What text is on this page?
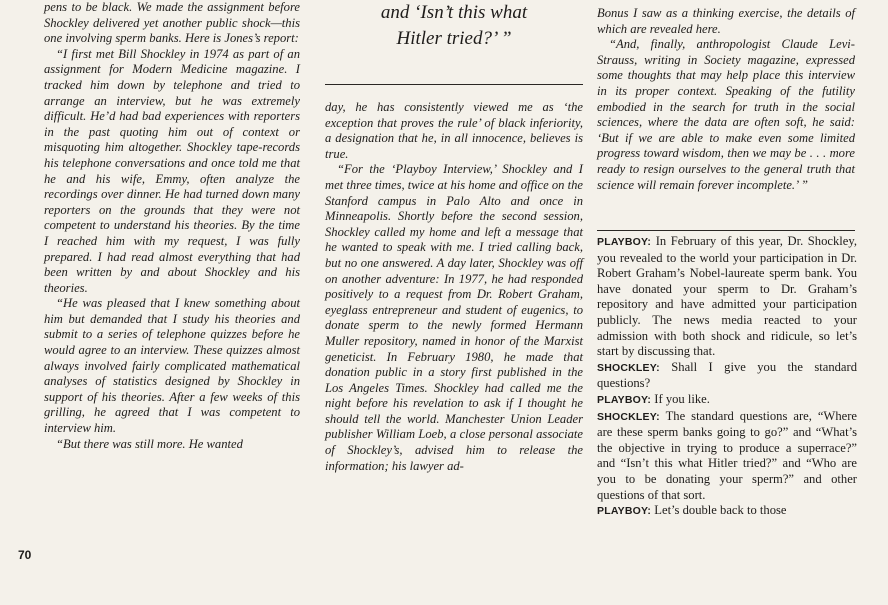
pens to be black. We made the assignment before Shockley delivered yet another public shock—this one involving sperm banks. Here is Jones’s report:

“I first met Bill Shockley in 1974 as part of an assignment for Modern Medicine magazine. I tracked him down by telephone and tried to arrange an interview, but he was extremely difficult. He’d had bad experiences with reporters in the past quoting him out of context or misquoting him altogether. Shockley tape-records his telephone conversations and once told me that he and his wife, Emmy, often analyze the recordings over dinner. He had turned down many reporters on the grounds that they were not competent to understand his theories. By the time I reached him with my request, I was fully prepared. I had read almost everything that had been written by and about Shockley and his theories.

“He was pleased that I knew something about him but demanded that I study his theories and submit to a series of telephone quizzes before he would agree to an interview. These quizzes almost always involved fairly complicated mathematical analyses of statistics designed by Shockley in support of his theories. After a few weeks of this grilling, he agreed that I was competent to interview him.

“But there was still more. He wanted

and ‘Isn’t this what
Hitler tried?’ ”

day, he has consistently viewed me as ‘the exception that proves the rule’ of black inferiority, a designation that he, in all innocence, believes is true.

“For the ‘Playboy Interview,’ Shockley and I met three times, twice at his home and office on the Stanford campus in Palo Alto and once in Minneapolis. Shortly before the second session, Shockley called my home and left a message that he wanted to speak with me. I tried calling back, but no one answered. A day later, Shockley was off on another adventure: In 1977, he had responded positively to a request from Dr. Robert Graham, eyeglass entrepreneur and student of eugenics, to donate sperm to the newly formed Hermann Muller repository, named in honor of the Marxist geneticist. In February 1980, he made that donation public in a story first published in the Los Angeles Times. Shockley had called me the night before his revelation to ask if I thought he should tell the world. Manchester Union Leader publisher William Loeb, a close personal associate of Shockley’s, advised him to release the information; his lawyer ad-

Bonus I saw as a thinking exercise, the details of which are revealed here.

“And, finally, anthropologist Claude Levi-Strauss, writing in Society magazine, expressed some thoughts that may help place this interview in its proper context. Speaking of the futility embodied in the search for truth in the social sciences, where the data are often soft, he said: ‘But if we are able to make even some limited progress toward wisdom, then we may be . . . more ready to resign ourselves to the general truth that science will remain forever incomplete.’ ”

PLAYBOY: In February of this year, Dr. Shockley, you revealed to the world your participation in Dr. Robert Graham’s Nobel-laureate sperm bank. You have donated your sperm to Dr. Graham’s repository and have admitted your participation publicly. The news media reacted to your admission with both shock and ridicule, so let’s start by discussing that.

SHOCKLEY: Shall I give you the standard questions?

PLAYBOY: If you like.

SHOCKLEY: The standard questions are, “Where are these sperm banks going to go?” and “What’s the objective in trying to produce a superrace?” and “Isn’t this what Hitler tried?” and “Who are you to be donating your sperm?” and other questions of that sort.

PLAYBOY: Let’s double back to those

70
